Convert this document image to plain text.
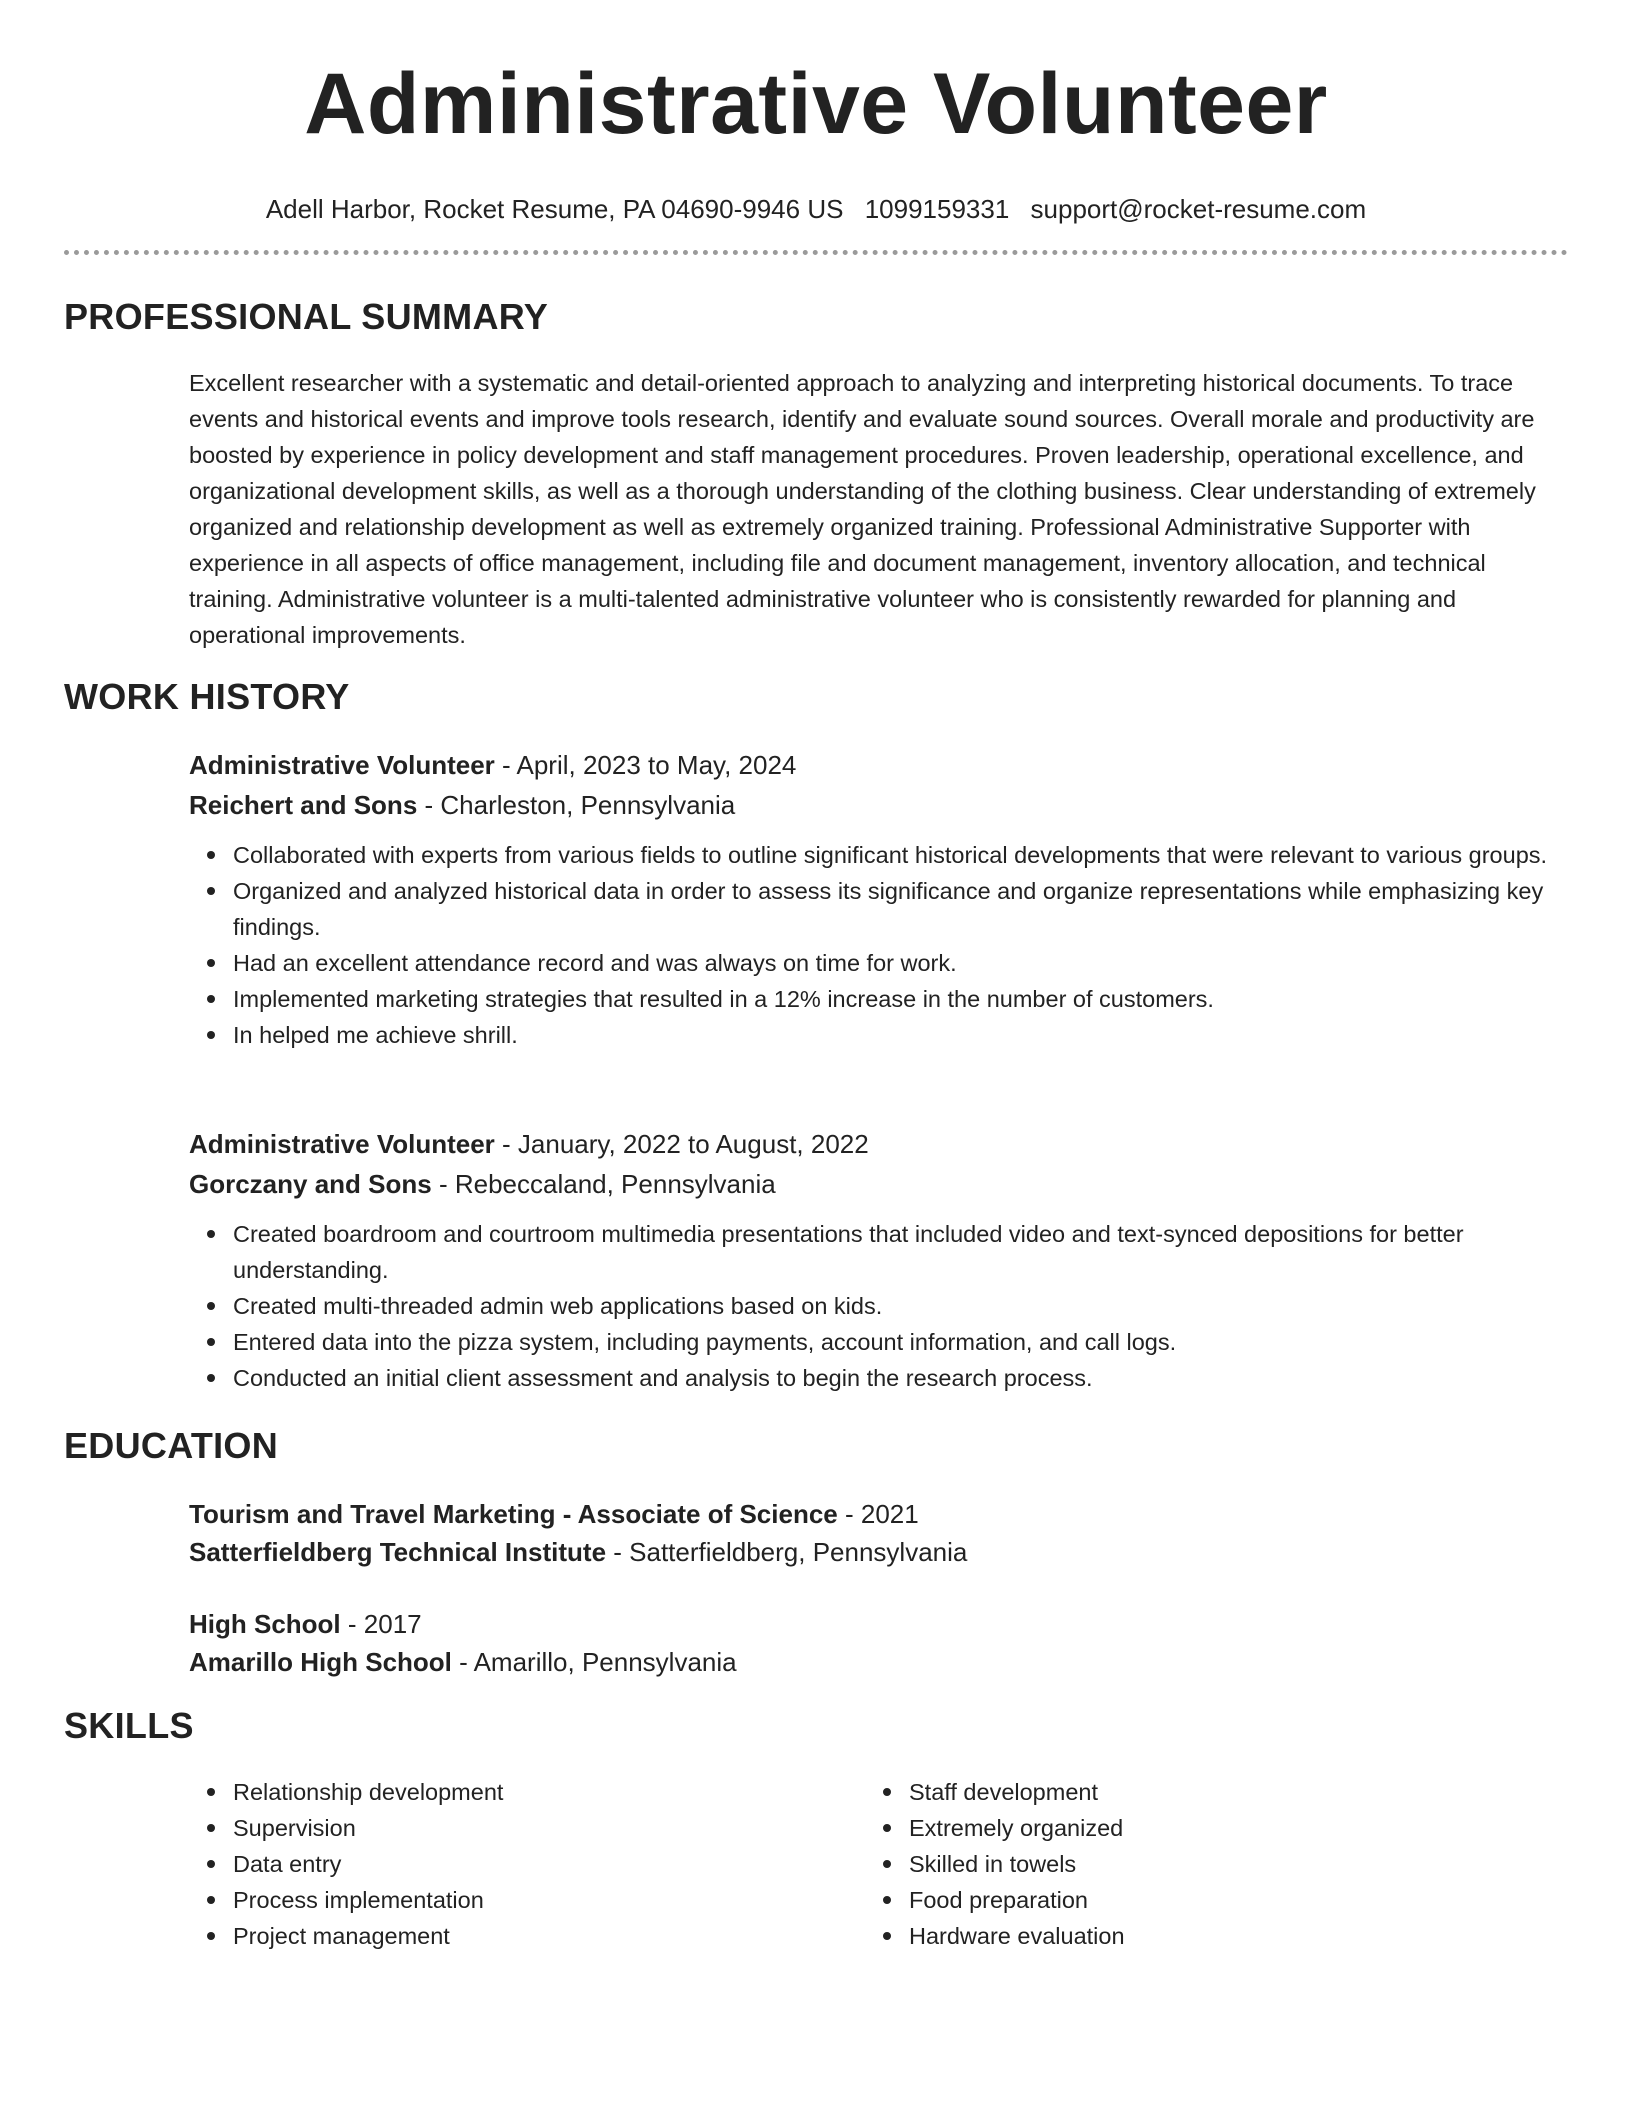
Administrative Volunteer
Adell Harbor, Rocket Resume, PA 04690-9946 US 1099159331 support@rocket-resume.com
PROFESSIONAL SUMMARY
Excellent researcher with a systematic and detail-oriented approach to analyzing and interpreting historical documents. To trace events and historical events and improve tools research, identify and evaluate sound sources. Overall morale and productivity are boosted by experience in policy development and staff management procedures. Proven leadership, operational excellence, and organizational development skills, as well as a thorough understanding of the clothing business. Clear understanding of extremely organized and relationship development as well as extremely organized training. Professional Administrative Supporter with experience in all aspects of office management, including file and document management, inventory allocation, and technical training. Administrative volunteer is a multi-talented administrative volunteer who is consistently rewarded for planning and operational improvements.
WORK HISTORY

Administrative Volunteer - April, 2023 to May, 2024

Reichert and Sons - Charleston, Pennsylvania

Collaborated with experts from various fields to outline significant historical developments that were relevant to various groups.
Organized and analyzed historical data in order to assess its significance and organize representations while emphasizing key findings.
Had an excellent attendance record and was always on time for work.
Implemented marketing strategies that resulted in a 12% increase in the number of customers.
In helped me achieve shrill.

Administrative Volunteer - January, 2022 to August, 2022

Gorczany and Sons - Rebeccaland, Pennsylvania

Created boardroom and courtroom multimedia presentations that included video and text-synced depositions for better understanding.
Created multi-threaded admin web applications based on kids.
Entered data into the pizza system, including payments, account information, and call logs.
Conducted an initial client assessment and analysis to begin the research process.
EDUCATION

Tourism and Travel Marketing - Associate of Science - 2021

Satterfieldberg Technical Institute - Satterfieldberg, Pennsylvania

High School - 2017

Amarillo High School - Amarillo, Pennsylvania

SKILLS
Relationship development
Supervision
Data entry
Process implementation
Project management
Staff development
Extremely organized
Skilled in towels
Food preparation
Hardware evaluation
